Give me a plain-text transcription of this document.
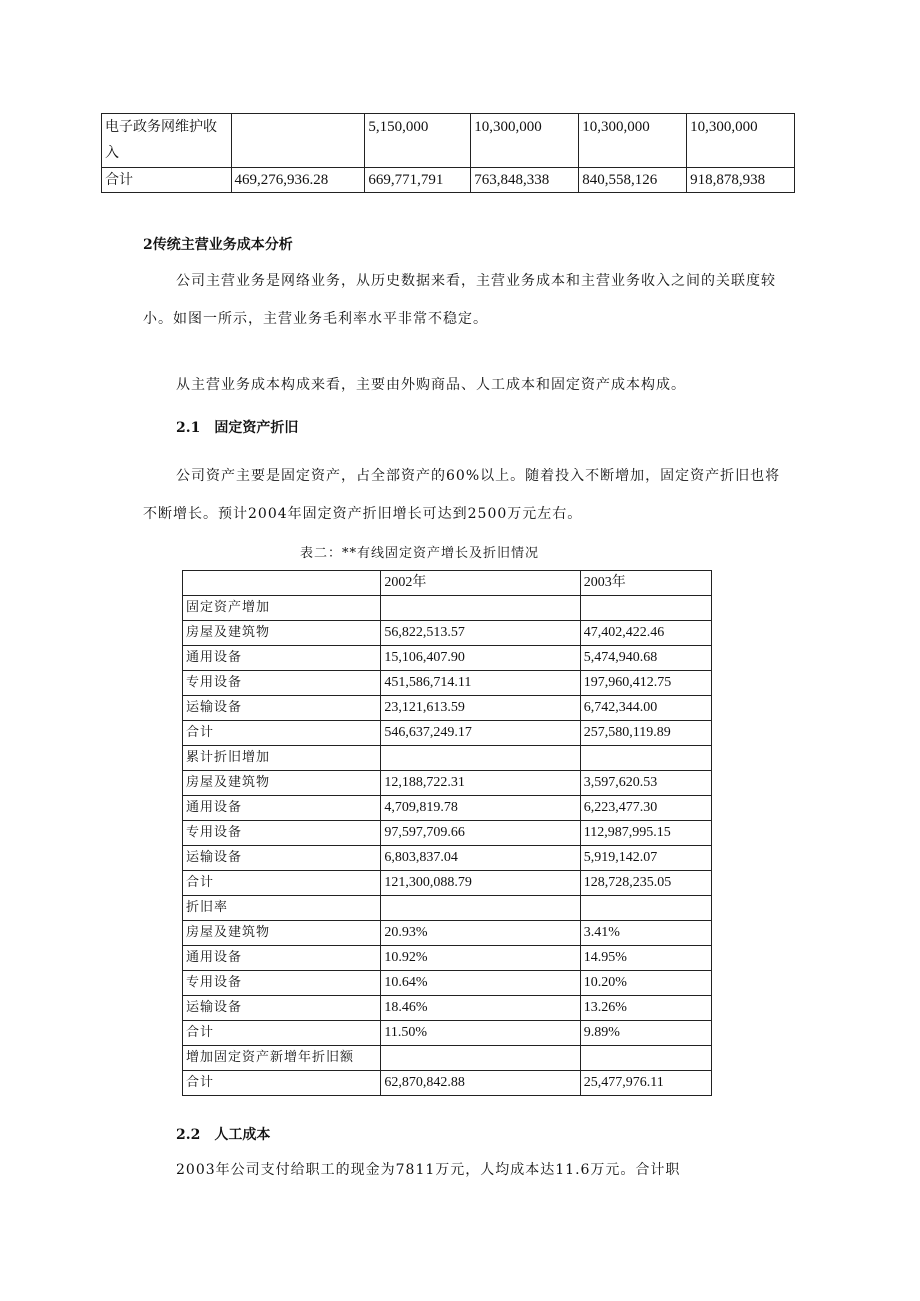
电子政务网维护收入		5,150,000	10,300,000	10,300,000	10,300,000
合计	469,276,936.28	669,771,791	763,848,338	840,558,126	918,878,938
2传统主营业务成本分析
公司主营业务是网络业务，从历史数据来看，主营业务成本和主营业务收入之间的关联度较小。如图一所示，主营业务毛利率水平非常不稳定。
从主营业务成本构成来看，主要由外购商品、人工成本和固定资产成本构成。
2.1　固定资产折旧
公司资产主要是固定资产，占全部资产的60%以上。随着投入不断增加，固定资产折旧也将不断增长。预计2004年固定资产折旧增长可达到2500万元左右。
表二：**有线固定资产增长及折旧情况
	2002年	2003年
固定资产增加		
房屋及建筑物	56,822,513.57	47,402,422.46
通用设备	15,106,407.90	5,474,940.68
专用设备	451,586,714.11	197,960,412.75
运输设备	23,121,613.59	6,742,344.00
合计	546,637,249.17	257,580,119.89
累计折旧增加		
房屋及建筑物	12,188,722.31	3,597,620.53
通用设备	4,709,819.78	6,223,477.30
专用设备	97,597,709.66	112,987,995.15
运输设备	6,803,837.04	5,919,142.07
合计	121,300,088.79	128,728,235.05
折旧率		
房屋及建筑物	20.93%	3.41%
通用设备	10.92%	14.95%
专用设备	10.64%	10.20%
运输设备	18.46%	13.26%
合计	11.50%	9.89%
增加固定资产新增年折旧额		
合计	62,870,842.88	25,477,976.11
2.2　人工成本
2003年公司支付给职工的现金为7811万元，人均成本达11.6万元。合计职
